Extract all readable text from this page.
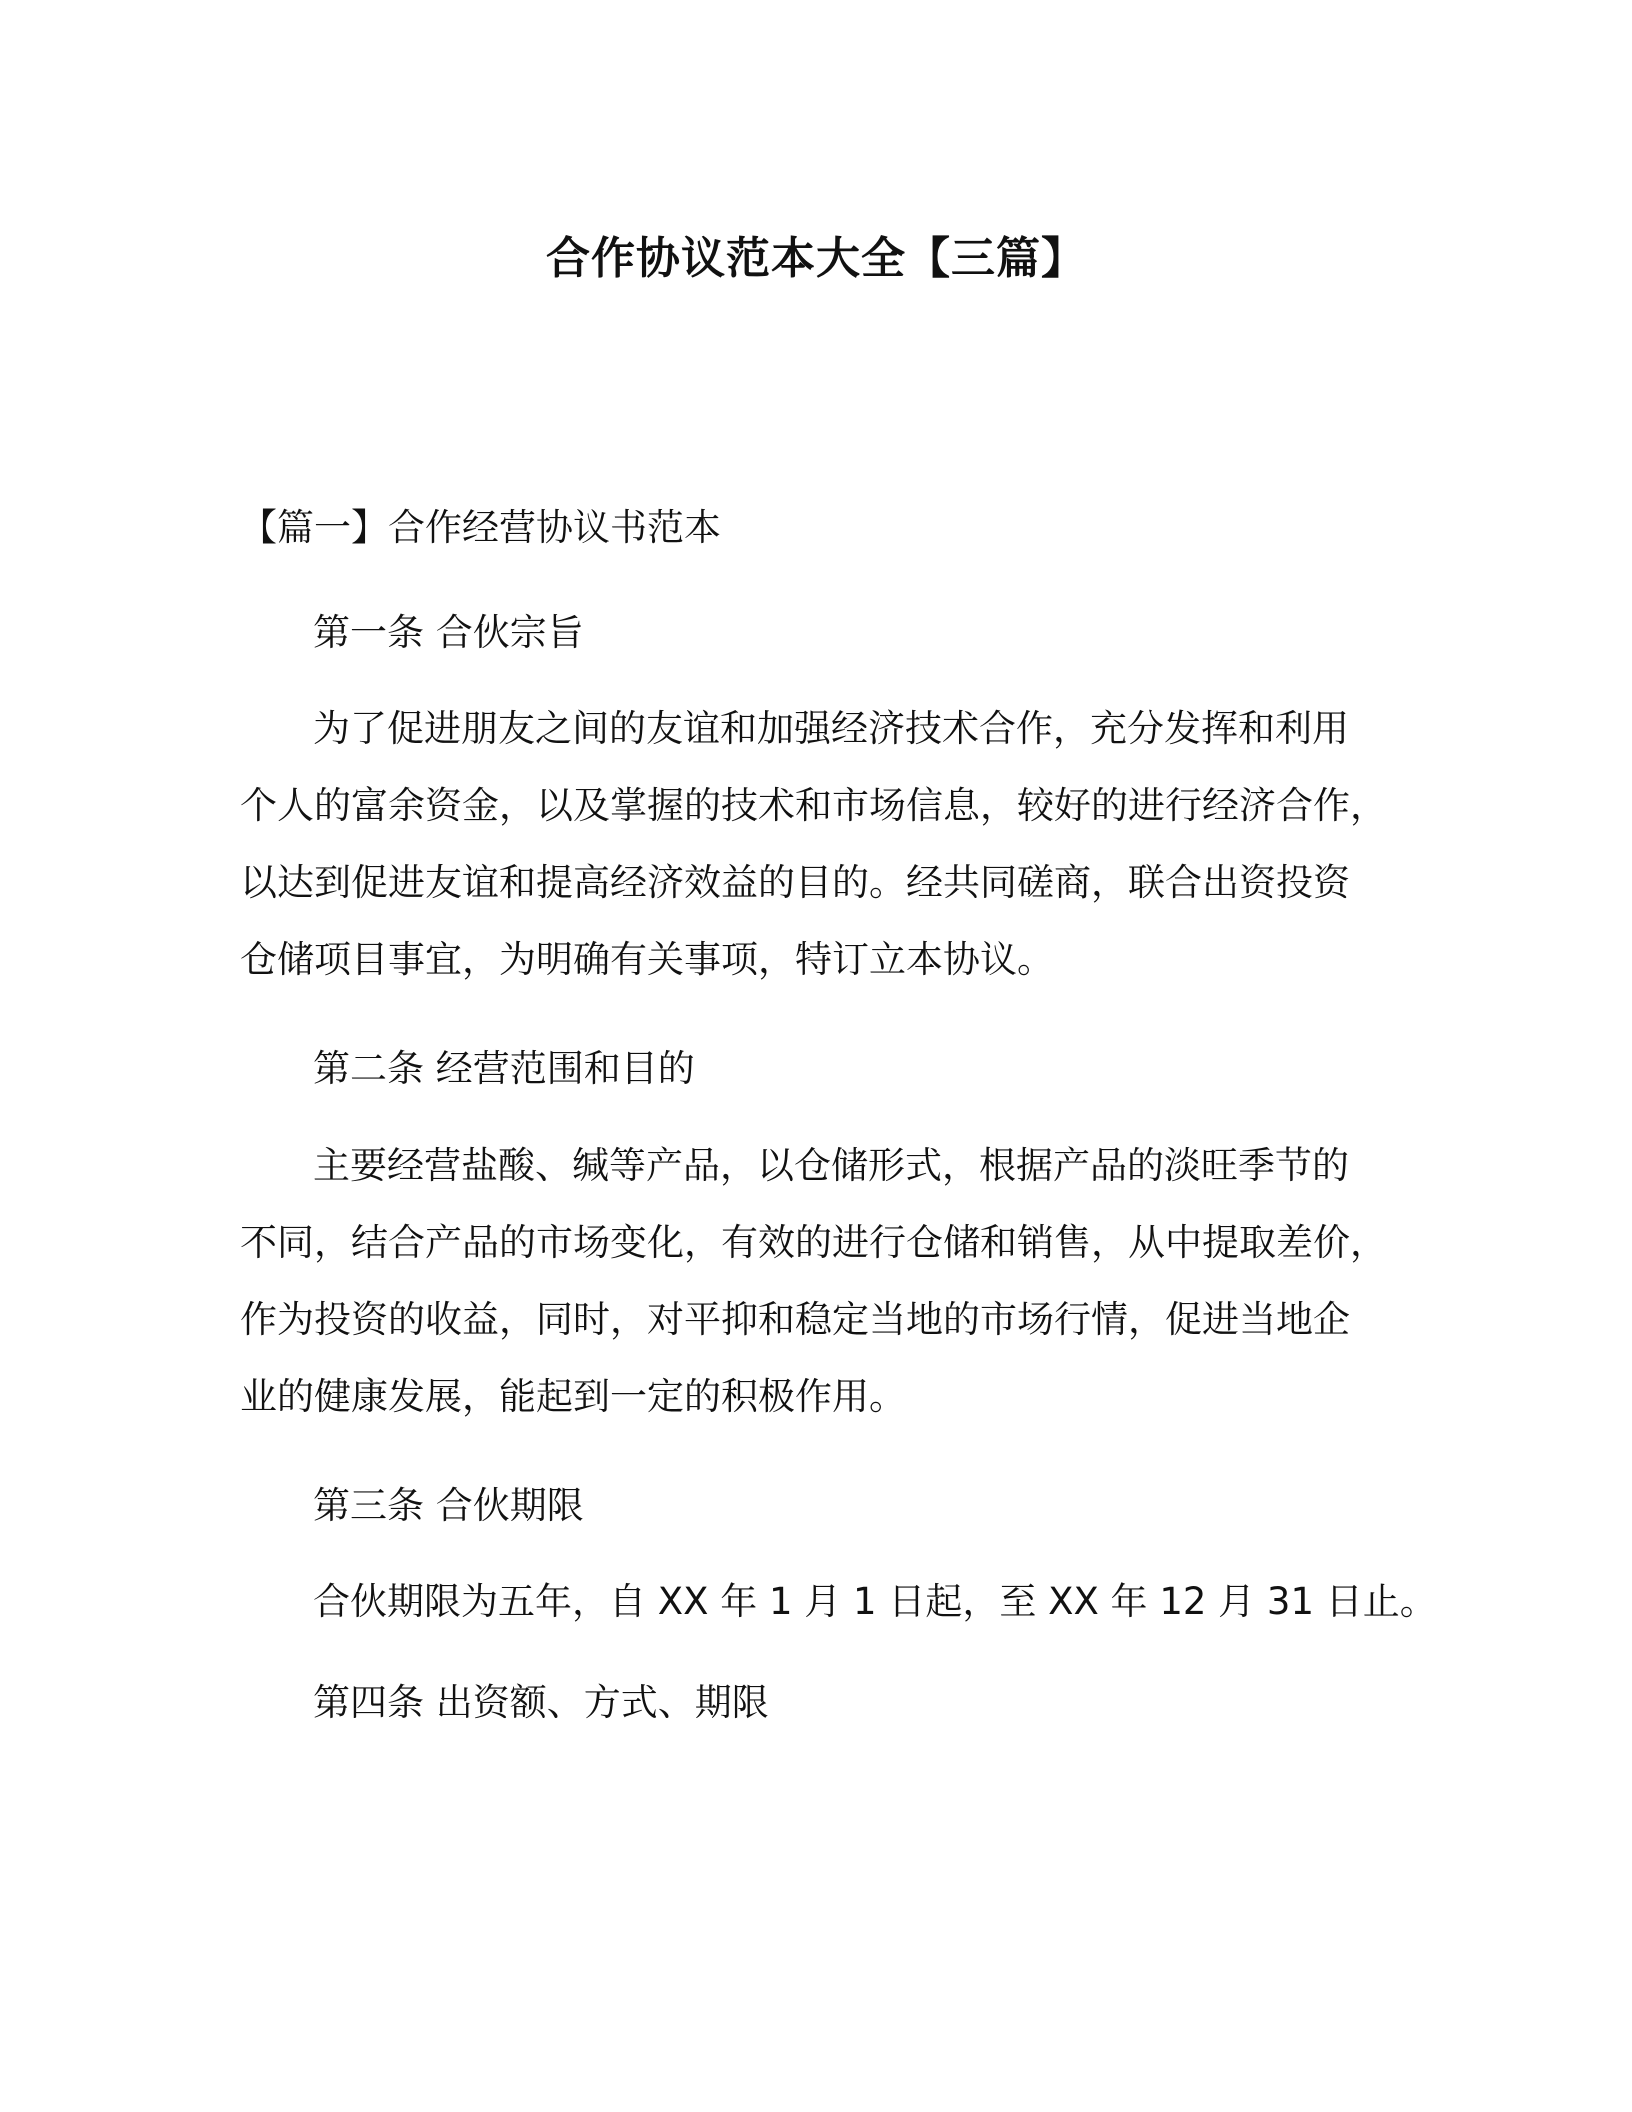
合作协议范本大全【三篇】

【篇一】合作经营协议书范本

第一条 合伙宗旨

为了促进朋友之间的友谊和加强经济技术合作，充分发挥和利用
个人的富余资金，以及掌握的技术和市场信息，较好的进行经济合作，
以达到促进友谊和提高经济效益的目的。经共同磋商，联合出资投资
仓储项目事宜，为明确有关事项，特订立本协议。

第二条 经营范围和目的

主要经营盐酸、缄等产品，以仓储形式，根据产品的淡旺季节的
不同，结合产品的市场变化，有效的进行仓储和销售，从中提取差价，
作为投资的收益，同时，对平抑和稳定当地的市场行情，促进当地企
业的健康发展，能起到一定的积极作用。

第三条 合伙期限

合伙期限为五年，自 XX 年 1 月 1 日起，至 XX 年 12 月 31 日止。

第四条 出资额、方式、期限
